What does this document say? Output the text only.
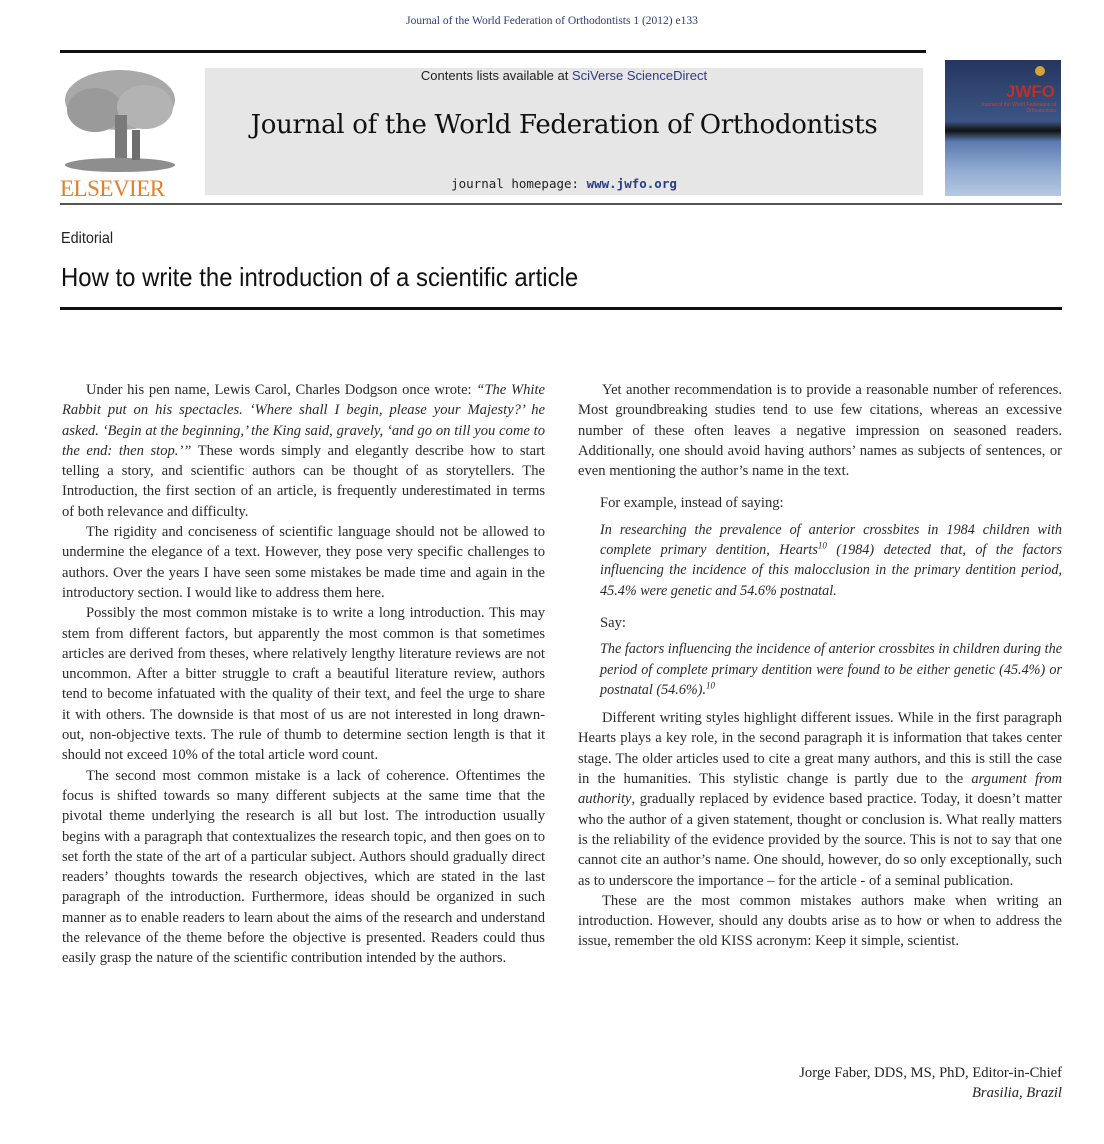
Journal of the World Federation of Orthodontists 1 (2012) e133
ELSEVIER
Contents lists available at SciVerse ScienceDirect
Journal of the World Federation of Orthodontists
journal homepage: www.jwfo.org
JWFO
Journal of the World Federation of Orthodontists
Editorial
How to write the introduction of a scientific article

Under his pen name, Lewis Carol, Charles Dodgson once wrote: “The White Rabbit put on his spectacles. ‘Where shall I begin, please your Majesty?’ he asked. ‘Begin at the beginning,’ the King said, gravely, ‘and go on till you come to the end: then stop.’” These words simply and elegantly describe how to start telling a story, and scientific authors can be thought of as storytellers. The Introduction, the first section of an article, is frequently underestimated in terms of both relevance and difficulty.

The rigidity and conciseness of scientific language should not be allowed to undermine the elegance of a text. However, they pose very specific challenges to authors. Over the years I have seen some mistakes be made time and again in the introductory section. I would like to address them here.

Possibly the most common mistake is to write a long introduction. This may stem from different factors, but apparently the most common is that sometimes articles are derived from theses, where relatively lengthy literature reviews are not uncommon. After a bitter struggle to craft a beautiful literature review, authors tend to become infatuated with the quality of their text, and feel the urge to share it with others. The downside is that most of us are not interested in long drawn-out, non-objective texts. The rule of thumb to determine section length is that it should not exceed 10% of the total article word count.

The second most common mistake is a lack of coherence. Oftentimes the focus is shifted towards so many different subjects at the same time that the pivotal theme underlying the research is all but lost. The introduction usually begins with a paragraph that contextualizes the research topic, and then goes on to set forth the state of the art of a particular subject. Authors should gradually direct readers’ thoughts towards the research objectives, which are stated in the last paragraph of the introduction. Furthermore, ideas should be organized in such manner as to enable readers to learn about the aims of the research and understand the relevance of the theme before the objective is presented. Readers could thus easily grasp the nature of the scientific contribution intended by the authors.

Yet another recommendation is to provide a reasonable number of references. Most groundbreaking studies tend to use few citations, whereas an excessive number of these often leaves a negative impression on seasoned readers. Additionally, one should avoid having authors’ names as subjects of sentences, or even mentioning the author’s name in the text.

For example, instead of saying:

In researching the prevalence of anterior crossbites in 1984 children with complete primary dentition, Hearts$^{10}$ (1984) detected that, of the factors influencing the incidence of this malocclusion in the primary dentition period, 45.4% were genetic and 54.6% postnatal.

Say:

The factors influencing the incidence of anterior crossbites in children during the period of complete primary dentition were found to be either genetic (45.4%) or postnatal (54.6%).$^{10}$

Different writing styles highlight different issues. While in the first paragraph Hearts plays a key role, in the second paragraph it is information that takes center stage. The older articles used to cite a great many authors, and this is still the case in the humanities. This stylistic change is partly due to the argument from authority, gradually replaced by evidence based practice. Today, it doesn’t matter who the author of a given statement, thought or conclusion is. What really matters is the reliability of the evidence provided by the source. This is not to say that one cannot cite an author’s name. One should, however, do so only exceptionally, such as to underscore the importance – for the article - of a seminal publication.

These are the most common mistakes authors make when writing an introduction. However, should any doubts arise as to how or when to address the issue, remember the old KISS acronym: Keep it simple, scientist.

Jorge Faber, DDS, MS, PhD, Editor-in-Chief
Brasilia, Brazil
